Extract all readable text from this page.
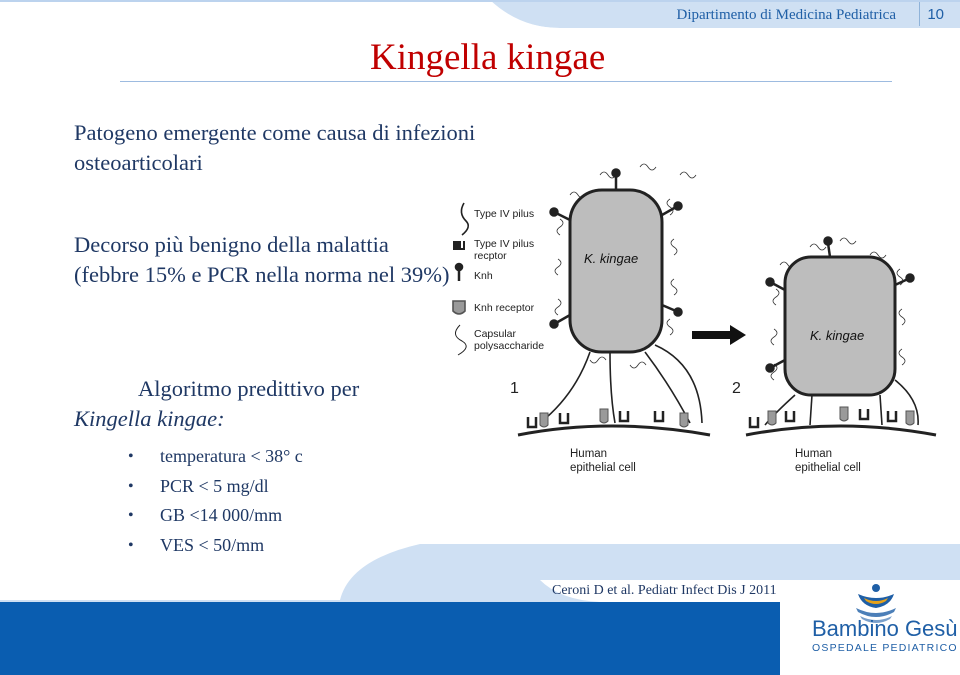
Dipartimento di Medicina Pediatrica 10
Kingella kingae
Patogeno emergente come causa di infezioni osteoarticolari
Decorso più benigno della malattia (febbre 15% e PCR nella norma nel 39%)
Algoritmo predittivo per
Kingella kingae:
• temperatura < 38° c
• PCR < 5 mg/dl
• GB <14 000/mm
• VES < 50/mm
Type IV pilus
Type IV pilus
recptor
Knh
Knh receptor
Capsular
polysaccharide
K. kingae
1
K. kingae
2
Human
epithelial cell
Human
epithelial cell
Ceroni D et al. Pediatr Infect Dis J 2011
Bambino Gesù
OSPEDALE PEDIATRICO
